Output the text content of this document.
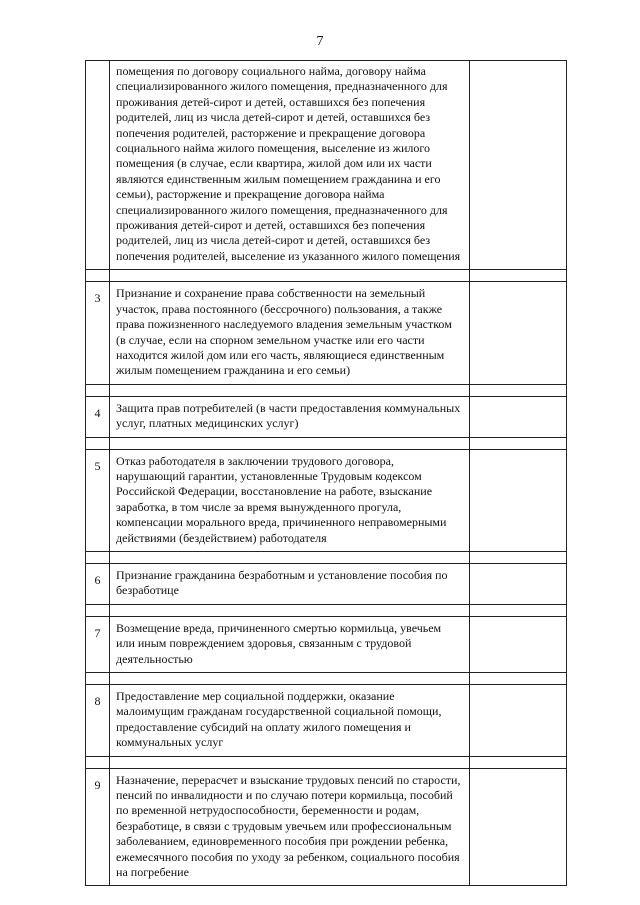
7
	помещения по договору социального найма, договору найма специализированного жилого помещения, предназначенного для проживания детей-сирот и детей, оставшихся без попечения родителей, лиц из числа детей-сирот и детей, оставшихся без попечения родителей, расторжение и прекращение договора социального найма жилого помещения, выселение из жилого помещения (в случае, если квартира, жилой дом или их части являются единственным жилым помещением гражданина и его семьи), расторжение и прекращение договора найма специализированного жилого помещения, предназначенного для проживания детей-сирот и детей, оставшихся без попечения родителей, лиц из числа детей-сирот и детей, оставшихся без попечения родителей, выселение из указанного жилого помещения	

3	Признание и сохранение права собственности на земельный участок, права постоянного (бессрочного) пользования, а также права пожизненного наследуемого владения земельным участком (в случае, если на спорном земельном участке или его части находится жилой дом или его часть, являющиеся единственным жилым помещением гражданина и его семьи)	

4	Защита прав потребителей (в части предоставления коммунальных услуг, платных медицинских услуг)	

5	Отказ работодателя в заключении трудового договора, нарушающий гарантии, установленные Трудовым кодексом Российской Федерации, восстановление на работе, взыскание заработка, в том числе за время вынужденного прогула, компенсации морального вреда, причиненного неправомерными действиями (бездействием) работодателя	

6	Признание гражданина безработным и установление пособия по безработице	

7	Возмещение вреда, причиненного смертью кормильца, увечьем или иным повреждением здоровья, связанным с трудовой деятельностью	

8	Предоставление мер социальной поддержки, оказание малоимущим гражданам государственной социальной помощи, предоставление субсидий на оплату жилого помещения и коммунальных услуг	

9	Назначение, перерасчет и взыскание трудовых пенсий по старости, пенсий по инвалидности и по случаю потери кормильца, пособий по временной нетрудоспособности, беременности и родам, безработице, в связи с трудовым увечьем или профессиональным заболеванием, единовременного пособия при рождении ребенка, ежемесячного пособия по уходу за ребенком, социального пособия на погребение	
